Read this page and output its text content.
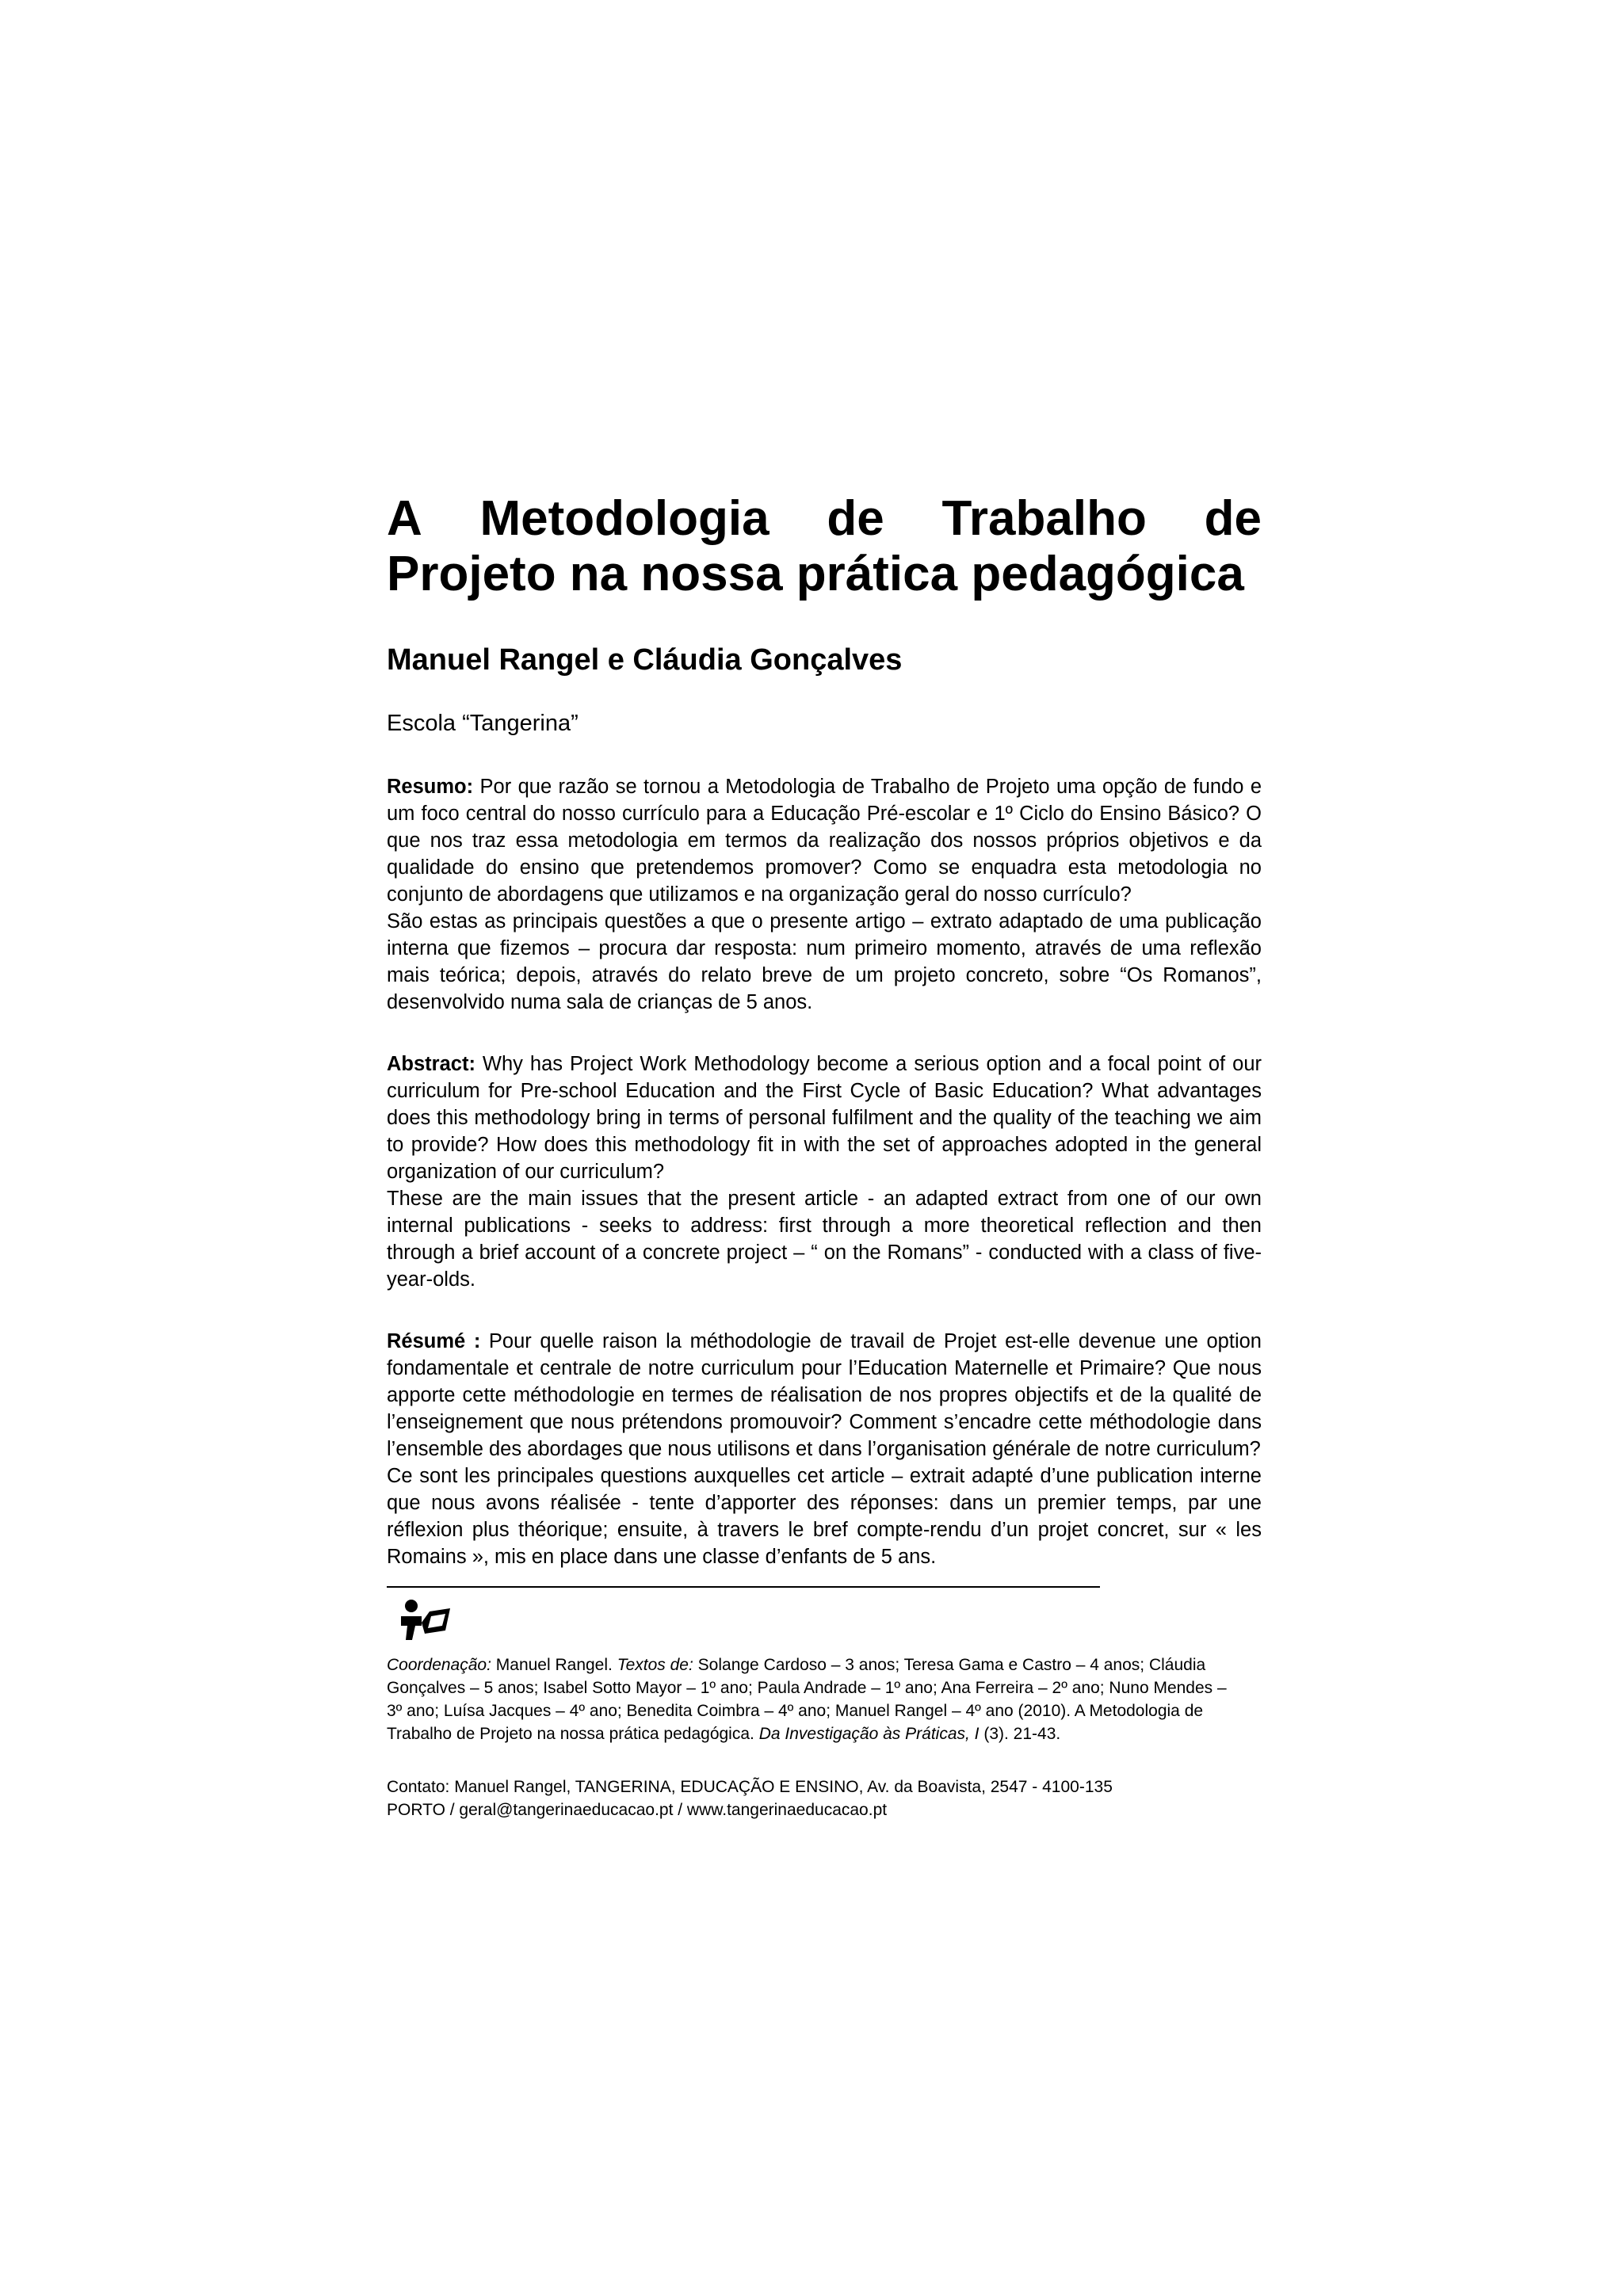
A Metodologia de Trabalho de
Projeto na nossa prática pedagógica
Manuel Rangel e Cláudia Gonçalves
Escola “Tangerina”

Resumo: Por que razão se tornou a Metodologia de Trabalho de Projeto uma opção de fundo e um foco central do nosso currículo para a Educação Pré-escolar e 1º Ciclo do Ensino Básico? O que nos traz essa metodologia em termos da realização dos nossos próprios objetivos e da qualidade do ensino que pretendemos promover? Como se enquadra esta metodologia no conjunto de abordagens que utilizamos e na organização geral do nosso currículo?

São estas as principais questões a que o presente artigo – extrato adaptado de uma publicação interna que fizemos – procura dar resposta: num primeiro momento, através de uma reflexão mais teórica; depois, através do relato breve de um projeto concreto, sobre “Os Romanos”, desenvolvido numa sala de crianças de 5 anos.

Abstract: Why has Project Work Methodology become a serious option and a focal point of our curriculum for Pre-school Education and the First Cycle of Basic Education? What advantages does this methodology bring in terms of personal fulfilment and the quality of the teaching we aim to provide? How does this methodology fit in with the set of approaches adopted in the general organization of our curriculum?

These are the main issues that the present article - an adapted extract from one of our own internal publications - seeks to address: first through a more theoretical reflection and then through a brief account of a concrete project – “ on the Romans” - conducted with a class of five-year-olds.

Résumé : Pour quelle raison la méthodologie de travail de Projet est-elle devenue une option fondamentale et centrale de notre curriculum pour l’Education Maternelle et Primaire? Que nous apporte cette méthodologie en termes de réalisation de nos propres objectifs et de la qualité de l’enseignement que nous prétendons promouvoir? Comment s’encadre cette méthodologie dans l’ensemble des abordages que nous utilisons et dans l’organisation générale de notre curriculum?

Ce sont les principales questions auxquelles cet article – extrait adapté d’une publication interne que nous avons réalisée - tente d’apporter des réponses: dans un premier temps, par une réflexion plus théorique; ensuite, à travers le bref compte-rendu d’un projet concret, sur « les Romains », mis en place dans une classe d’enfants de 5 ans.

Coordenação: Manuel Rangel. Textos de: Solange Cardoso – 3 anos; Teresa Gama e Castro – 4 anos; Cláudia Gonçalves – 5 anos; Isabel Sotto Mayor – 1º ano; Paula Andrade – 1º ano; Ana Ferreira – 2º ano; Nuno Mendes – 3º ano; Luísa Jacques – 4º ano; Benedita Coimbra – 4º ano; Manuel Rangel – 4º ano (2010). A Metodologia de Trabalho de Projeto na nossa prática pedagógica. Da Investigação às Práticas, I (3). 21-43.
Contato: Manuel Rangel, TANGERINA, EDUCAÇÃO E ENSINO, Av. da Boavista, 2547 - 4100-135
PORTO / geral@tangerinaeducacao.pt / www.tangerinaeducacao.pt
